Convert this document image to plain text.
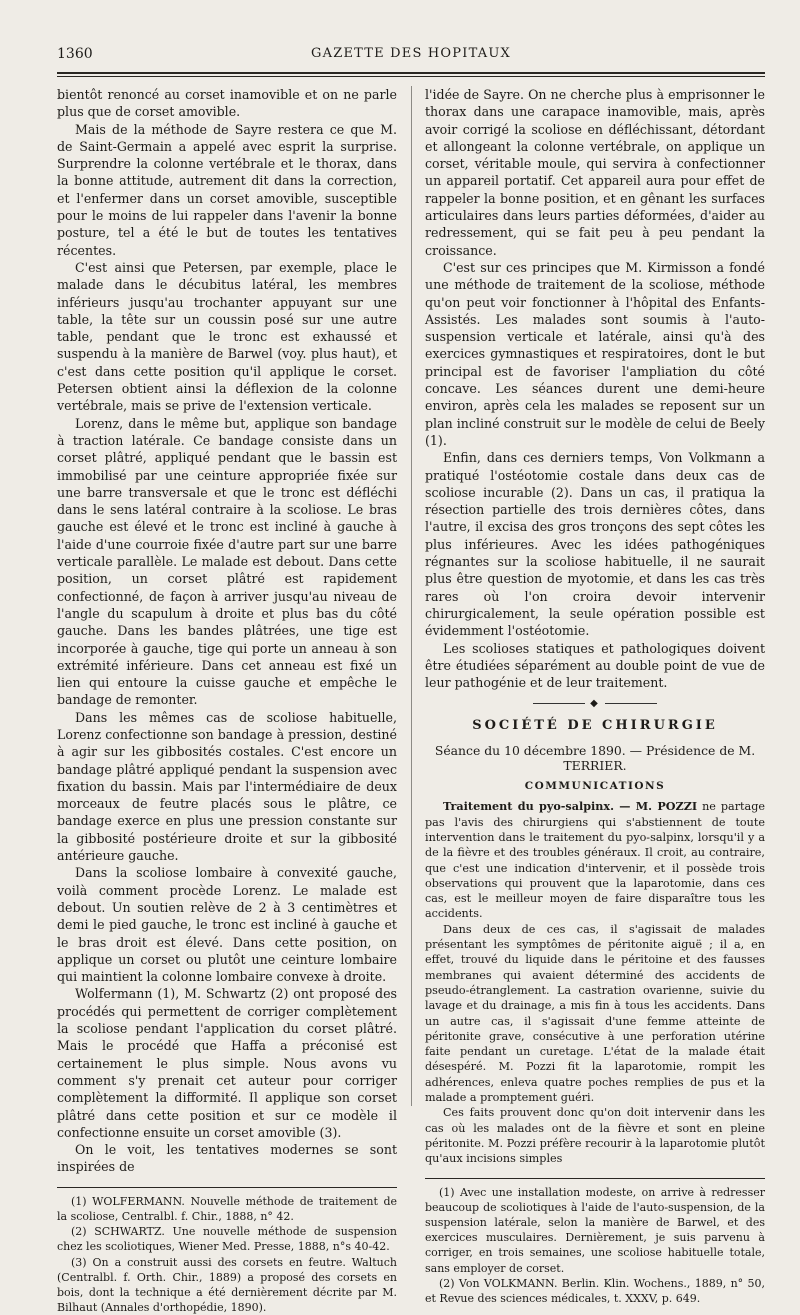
1360	GAZETTE DES HOPITAUX

bientôt renoncé au corset inamovible et on ne parle plus que de corset amovible.

Mais de la méthode de Sayre restera ce que M. de Saint-Germain a appelé avec esprit la surprise. Surprendre la colonne vertébrale et le thorax, dans la bonne attitude, autrement dit dans la correction, et l'enfermer dans un corset amovible, susceptible pour le moins de lui rappeler dans l'avenir la bonne posture, tel a été le but de toutes les tentatives récentes.

C'est ainsi que Petersen, par exemple, place le malade dans le décubitus latéral, les membres inférieurs jusqu'au trochanter appuyant sur une table, la tête sur un coussin posé sur une autre table, pendant que le tronc est exhaussé et suspendu à la manière de Barwel (voy. plus haut), et c'est dans cette position qu'il applique le corset. Petersen obtient ainsi la déflexion de la colonne vertébrale, mais se prive de l'extension verticale.

Lorenz, dans le même but, applique son bandage à traction latérale. Ce bandage consiste dans un corset plâtré, appliqué pendant que le bassin est immobilisé par une ceinture appropriée fixée sur une barre transversale et que le tronc est défléchi dans le sens latéral contraire à la scoliose. Le bras gauche est élevé et le tronc est incliné à gauche à l'aide d'une courroie fixée d'autre part sur une barre verticale parallèle. Le malade est debout. Dans cette position, un corset plâtré est rapidement confectionné, de façon à arriver jusqu'au niveau de l'angle du scapulum à droite et plus bas du côté gauche. Dans les bandes plâtrées, une tige est incorporée à gauche, tige qui porte un anneau à son extrémité inférieure. Dans cet anneau est fixé un lien qui entoure la cuisse gauche et empêche le bandage de remonter.

Dans les mêmes cas de scoliose habituelle, Lorenz confectionne son bandage à pression, destiné à agir sur les gibbosités costales. C'est encore un bandage plâtré appliqué pendant la suspension avec fixation du bassin. Mais par l'intermédiaire de deux morceaux de feutre placés sous le plâtre, ce bandage exerce en plus une pression constante sur la gibbosité postérieure droite et sur la gibbosité antérieure gauche.

Dans la scoliose lombaire à convexité gauche, voilà comment procède Lorenz. Le malade est debout. Un soutien relève de 2 à 3 centimètres et demi le pied gauche, le tronc est incliné à gauche et le bras droit est élevé. Dans cette position, on applique un corset ou plutôt une ceinture lombaire qui maintient la colonne lombaire convexe à droite.

Wolfermann (1), M. Schwartz (2) ont proposé des procédés qui permettent de corriger complètement la scoliose pendant l'application du corset plâtré. Mais le procédé que Haffa a préconisé est certainement le plus simple. Nous avons vu comment s'y prenait cet auteur pour corriger complètement la difformité. Il applique son corset plâtré dans cette position et sur ce modèle il confectionne ensuite un corset amovible (3).

On le voit, les tentatives modernes se sont inspirées de

(1) WOLFERMANN. Nouvelle méthode de traitement de la scoliose, Centralbl. f. Chir., 1888, n° 42.

(2) SCHWARTZ. Une nouvelle méthode de suspension chez les scoliotiques, Wiener Med. Presse, 1888, n°s 40-42.

(3) On a construit aussi des corsets en feutre. Waltuch (Centralbl. f. Orth. Chir., 1889) a proposé des corsets en bois, dont la technique a été dernièrement décrite par M. Bilhaut (Annales d'orthopédie, 1890).

l'idée de Sayre. On ne cherche plus à emprisonner le thorax dans une carapace inamovible, mais, après avoir corrigé la scoliose en défléchissant, détordant et allongeant la colonne vertébrale, on applique un corset, véritable moule, qui servira à confectionner un appareil portatif. Cet appareil aura pour effet de rappeler la bonne position, et en gênant les surfaces articulaires dans leurs parties déformées, d'aider au redressement, qui se fait peu à peu pendant la croissance.

C'est sur ces principes que M. Kirmisson a fondé une méthode de traitement de la scoliose, méthode qu'on peut voir fonctionner à l'hôpital des Enfants-Assistés. Les malades sont soumis à l'auto-suspension verticale et latérale, ainsi qu'à des exercices gymnastiques et respiratoires, dont le but principal est de favoriser l'ampliation du côté concave. Les séances durent une demi-heure environ, après cela les malades se reposent sur un plan incliné construit sur le modèle de celui de Beely (1).

Enfin, dans ces derniers temps, Von Volkmann a pratiqué l'ostéotomie costale dans deux cas de scoliose incurable (2). Dans un cas, il pratiqua la résection partielle des trois dernières côtes, dans l'autre, il excisa des gros tronçons des sept côtes les plus inférieures. Avec les idées pathogéniques régnantes sur la scoliose habituelle, il ne saurait plus être question de myotomie, et dans les cas très rares où l'on croira devoir intervenir chirurgicalement, la seule opération possible est évidemment l'ostéotomie.

Les scolioses statiques et pathologiques doivent être étudiées séparément au double point de vue de leur pathogénie et de leur traitement.

◆
SOCIÉTÉ DE CHIRURGIE
Séance du 10 décembre 1890. — Présidence de M. TERRIER.
COMMUNICATIONS

Traitement du pyo-salpinx. — M. POZZI ne partage pas l'avis des chirurgiens qui s'abstiennent de toute intervention dans le traitement du pyo-salpinx, lorsqu'il y a de la fièvre et des troubles généraux. Il croit, au contraire, que c'est une indication d'intervenir, et il possède trois observations qui prouvent que la laparotomie, dans ces cas, est le meilleur moyen de faire disparaître tous les accidents.

Dans deux de ces cas, il s'agissait de malades présentant les symptômes de péritonite aiguë ; il a, en effet, trouvé du liquide dans le péritoine et des fausses membranes qui avaient déterminé des accidents de pseudo-étranglement. La castration ovarienne, suivie du lavage et du drainage, a mis fin à tous les accidents. Dans un autre cas, il s'agissait d'une femme atteinte de péritonite grave, consécutive à une perforation utérine faite pendant un curetage. L'état de la malade était désespéré. M. Pozzi fit la laparotomie, rompit les adhérences, enleva quatre poches remplies de pus et la malade a promptement guéri.

Ces faits prouvent donc qu'on doit intervenir dans les cas où les malades ont de la fièvre et sont en pleine péritonite. M. Pozzi préfère recourir à la laparotomie plutôt qu'aux incisions simples

(1) Avec une installation modeste, on arrive à redresser beaucoup de scoliotiques à l'aide de l'auto-suspension, de la suspension latérale, selon la manière de Barwel, et des exercices musculaires. Dernièrement, je suis parvenu à corriger, en trois semaines, une scoliose habituelle totale, sans employer de corset.

(2) Von VOLKMANN. Berlin. Klin. Wochens., 1889, n° 50, et Revue des sciences médicales, t. XXXV, p. 649.
